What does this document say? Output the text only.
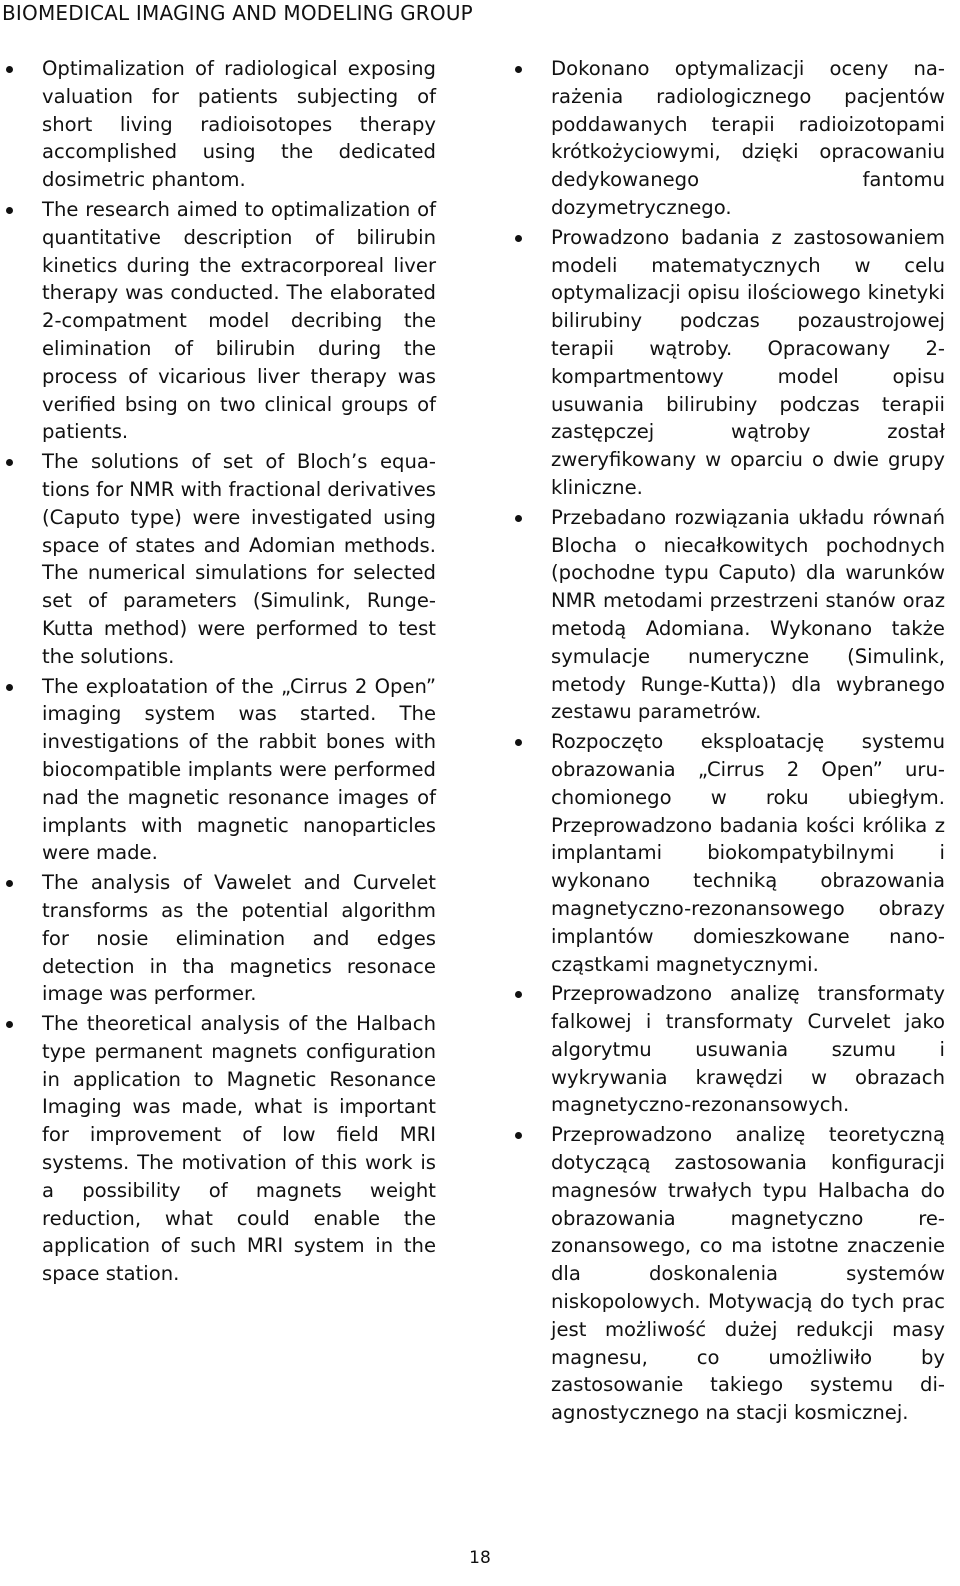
BIOMEDICAL IMAGING AND MODELING GROUP
Optimalization of radiological exposing valuation for patients subjecting of short living radioisotopes therapy accomplished using the dedicated dosimetric phantom.
The research aimed to optimalization of quantitative description of bilirubin kinetics during the extracorporeal liver therapy was conducted. The elaborated 2-compatment model decribing the elimination of bilirubin during the process of vicarious liver therapy was verified bsing on two clinical groups of patients.
The solutions of set of Bloch’s equations for NMR with fractional derivatives (Caputo type) were investigated using space of states and Adomian methods. The numerical simulations for selected set of parameters (Simulink, Runge-Kutta method) were performed to test the solutions.
The exploatation of the „Cirrus 2 Open” imaging system was started. The investigations of the rabbit bones with biocompatible implants were performed nad the magnetic resonance images of implants with magnetic nanoparticles were made.
The analysis of Vawelet and Curvelet transforms as the potential algorithm for nosie elimination and edges detection in tha magnetics resonace image was performer.
The theoretical analysis of the Halbach type permanent magnets configuration in application to Magnetic Resonance Imaging was made, what is important for improvement of low field MRI systems. The motivation of this work is a possibility of magnets weight reduction, what could enable the application of such MRI system in the space station.
Dokonano optymalizacji oceny narażenia radiologicznego pacjentów poddawanych terapii radioizotopami krótkożyciowymi, dzięki opracowaniu dedykowanego fantomu dozymetrycznego.
Prowadzono badania z zastosowaniem modeli matematycznych w celu optymalizacji opisu ilościowego kinetyki bilirubiny podczas pozaustrojowej terapii wątroby. Opracowany 2-kompartmentowy model opisu usuwania bilirubiny podczas terapii zastępczej wątroby został zweryfikowany w oparciu o dwie grupy kliniczne.
Przebadano rozwiązania układu równań Blocha o niecałkowitych pochodnych (pochodne typu Caputo) dla warunków NMR metodami przestrzeni stanów oraz metodą Adomiana. Wykonano także symulacje numeryczne (Simulink, metody Runge-Kutta)) dla wybranego zestawu parametrów.
Rozpoczęto eksploatację systemu obrazowania „Cirrus 2 Open” uruchomionego w roku ubiegłym. Przeprowadzono badania kości królika z implantami biokompatybilnymi i wykonano techniką obrazowania magnetyczno-rezonansowego obrazy implantów domieszkowane nanocząstkami magnetycznymi.
Przeprowadzono analizę transformaty falkowej i transformaty Curvelet jako algorytmu usuwania szumu i wykrywania krawędzi w obrazach magnetyczno-rezonansowych.
Przeprowadzono analizę teoretyczną dotyczącą zastosowania konfiguracji magnesów trwałych typu Halbacha do obrazowania magnetyczno rezonansowego, co ma istotne znaczenie dla doskonalenia systemów niskopolowych. Motywacją do tych prac jest możliwość dużej redukcji masy magnesu, co umożliwiło by zastosowanie takiego systemu diagnostycznego na stacji kosmicznej.
18
